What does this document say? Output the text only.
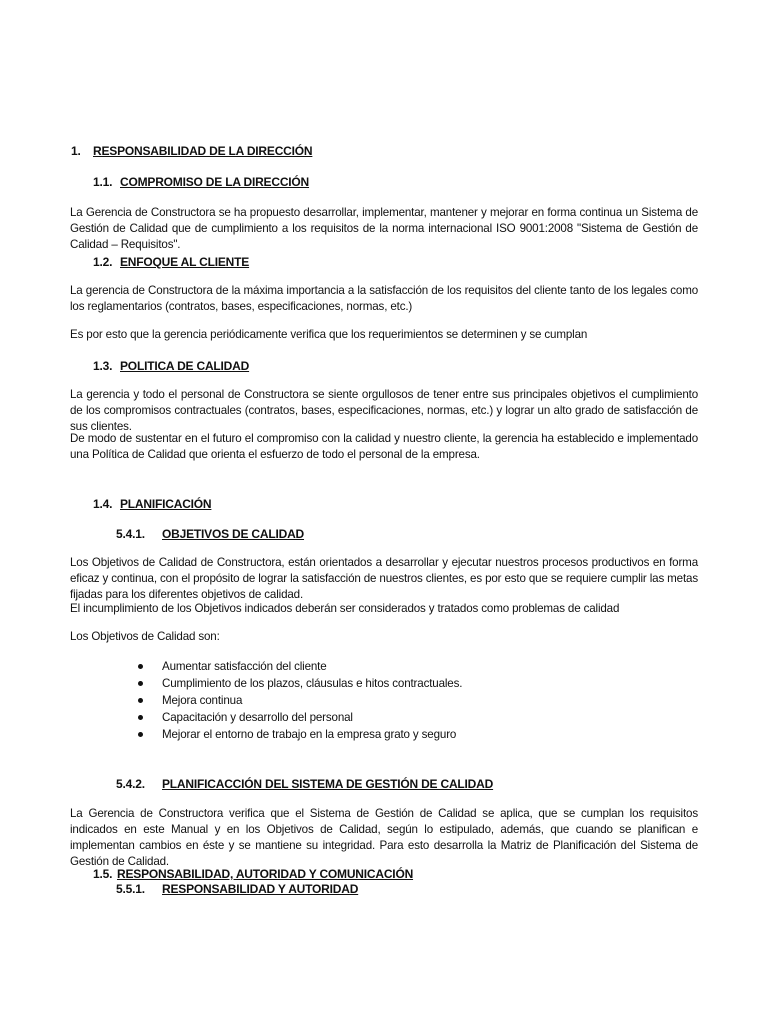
1. RESPONSABILIDAD DE LA DIRECCIÓN
1.1. COMPROMISO DE LA DIRECCIÓN
La Gerencia de Constructora se ha propuesto desarrollar, implementar, mantener y mejorar en forma continua un Sistema de Gestión de Calidad que de cumplimiento a los requisitos de la norma internacional ISO 9001:2008 "Sistema de Gestión de Calidad – Requisitos".
1.2. ENFOQUE AL CLIENTE
La gerencia de Constructora de la máxima importancia a la satisfacción de los requisitos del cliente tanto de los legales como los reglamentarios (contratos, bases, especificaciones, normas, etc.)
Es por esto que la gerencia periódicamente verifica que los requerimientos se determinen y se cumplan
1.3. POLITICA DE CALIDAD
La gerencia y todo el personal de Constructora se siente orgullosos de tener entre sus principales objetivos el cumplimiento de los compromisos contractuales (contratos, bases, especificaciones, normas, etc.) y lograr un alto grado de satisfacción de sus clientes.
De modo de sustentar en el futuro el compromiso con la calidad y nuestro cliente, la gerencia ha establecido e implementado una Política de Calidad que orienta el esfuerzo de todo el personal de la empresa.
1.4. PLANIFICACIÓN
5.4.1. OBJETIVOS DE CALIDAD
Los Objetivos de Calidad de Constructora, están orientados a desarrollar y ejecutar nuestros procesos productivos en forma eficaz y continua, con el propósito de lograr la satisfacción de nuestros clientes, es por esto que se requiere cumplir las metas fijadas para los diferentes objetivos de calidad.
El incumplimiento de los Objetivos indicados deberán ser considerados y tratados como problemas de calidad
Los Objetivos de Calidad son:
Aumentar satisfacción del cliente
Cumplimiento de los plazos, cláusulas e hitos contractuales.
Mejora continua
Capacitación y desarrollo del personal
Mejorar el entorno de trabajo en la empresa grato y seguro
5.4.2. PLANIFICACCIÓN DEL SISTEMA DE GESTIÓN DE CALIDAD
La Gerencia de Constructora verifica que el Sistema de Gestión de Calidad se aplica, que se cumplan los requisitos indicados en este Manual y en los Objetivos de Calidad, según lo estipulado, además, que cuando se planifican e implementan cambios en éste y se mantiene su integridad. Para esto desarrolla la Matriz de Planificación del Sistema de Gestión de Calidad.
1.5. RESPONSABILIDAD, AUTORIDAD Y COMUNICACIÓN
5.5.1. RESPONSABILIDAD Y AUTORIDAD
